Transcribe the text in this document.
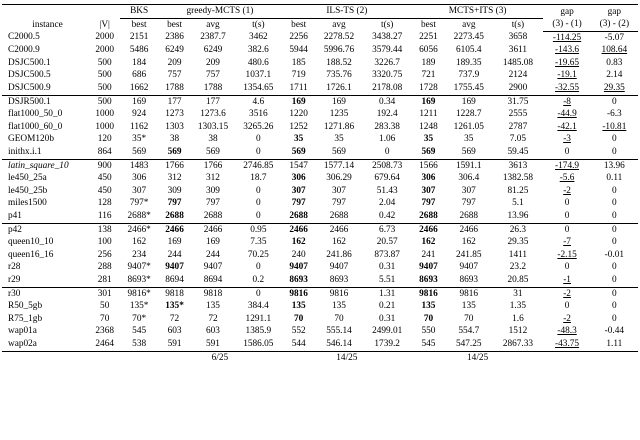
instance	|V|	BKS	greedy-MCTS (1)			ILS-TS (2)			MCTS+ITS (3)			gap	gap
		best	best	avg	t(s)	best	avg	t(s)	best	avg	t(s)		
												(3) - (1)	(3) - (2)
C2000.5	2000	2151	2386	2387.7	3462	2256	2278.52	3438.27	2251	2273.45	3658	-114.25	-5.07
C2000.9	2000	5486	6249	6249	382.6	5944	5996.76	3579.44	6056	6105.4	3611	-143.6	108.64
DSJC500.1	500	184	209	209	480.6	185	188.52	3226.7	189	189.35	1485.08	-19.65	0.83
DSJC500.5	500	686	757	757	1037.1	719	735.76	3320.75	721	737.9	2124	-19.1	2.14
DSJC500.9	500	1662	1788	1788	1354.65	1711	1726.1	2178.08	1728	1755.45	2900	-32.55	29.35
DSJR500.1	500	169	177	177	4.6	169	169	0.34	169	169	31.75	-8	0
flat1000_50_0	1000	924	1273	1273.6	3516	1220	1235	192.4	1211	1228.7	2555	-44.9	-6.3
flat1000_60_0	1000	1162	1303	1303.15	3265.26	1252	1271.86	283.38	1248	1261.05	2787	-42.1	-10.81
GEOM120b	120	35*	38	38	0	35	35	1.06	35	35	7.05	-3	0
inithx.i.1	864	569	569	569	0	569	569	0	569	569	59.45	0	0
latin_square_10	900	1483	1766	1766	2746.85	1547	1577.14	2508.73	1566	1591.1	3613	-174.9	13.96
le450_25a	450	306	312	312	18.7	306	306.29	679.64	306	306.4	1382.58	-5.6	0.11
le450_25b	450	307	309	309	0	307	307	51.43	307	307	81.25	-2	0
miles1500	128	797*	797	797	0	797	797	2.04	797	797	5.1	0	0
p41	116	2688*	2688	2688	0	2688	2688	0.42	2688	2688	13.96	0	0
p42	138	2466*	2466	2466	0.95	2466	2466	6.73	2466	2466	26.3	0	0
queen10_10	100	162	169	169	7.35	162	162	20.57	162	162	29.35	-7	0
queen16_16	256	234	244	244	70.25	240	241.86	873.87	241	241.85	1411	-2.15	-0.01
r28	288	9407*	9407	9407	0	9407	9407	0.31	9407	9407	23.2	0	0
r29	281	8693*	8694	8694	0.2	8693	8693	5.51	8693	8693	20.85	-1	0
r30	301	9816*	9818	9818	0	9816	9816	1.31	9816	9816	31	-2	0
R50_5gb	50	135*	135*	135	384.4	135	135	0.21	135	135	1.35	0	0
R75_1gb	70	70*	72	72	1291.1	70	70	0.31	70	70	1.6	-2	0
wap01a	2368	545	603	603	1385.9	552	555.14	2499.01	550	554.7	1512	-48.3	-0.44
wap02a	2464	538	591	591	1586.05	544	546.14	1739.2	545	547.25	2867.33	-43.75	1.11
			6/25			14/25			14/25				
